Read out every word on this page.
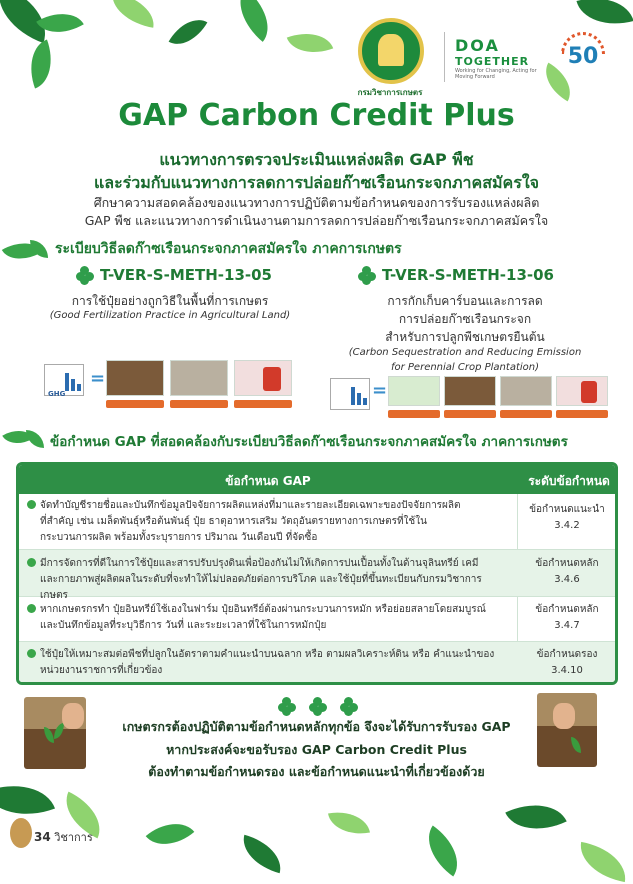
กรมวิชาการเกษตร
DOA
TOGETHER
Working for Changing, Acting for Moving Forward
50
GAP Carbon Credit Plus
แนวทางการตรวจประเมินแหล่งผลิต GAP พืช
และร่วมกับแนวทางการลดการปล่อยก๊าซเรือนกระจกภาคสมัครใจ
ศึกษาความสอดคล้องของแนวทางการปฏิบัติตามข้อกำหนดของการรับรองแหล่งผลิต
GAP พืช และแนวทางการดำเนินงานตามการลดการปล่อยก๊าซเรือนกระจกภาคสมัครใจ
ระเบียบวิธีลดก๊าซเรือนกระจกภาคสมัครใจ ภาคการเกษตร
T-VER-S-METH-13-05
การใช้ปุ๋ยอย่างถูกวิธีในพื้นที่การเกษตร
(Good Fertilization Practice in Agricultural Land)
T-VER-S-METH-13-06
การกักเก็บคาร์บอนและการลด
การปล่อยก๊าซเรือนกระจก
สำหรับการปลูกพืชเกษตรยืนต้น
(Carbon Sequestration and Reducing Emission
for Perennial Crop Plantation)
GHG
=
=
ข้อกำหนด GAP ที่สอดคล้องกับระเบียบวิธีลดก๊าซเรือนกระจกภาคสมัครใจ ภาคการเกษตร
ข้อกำหนด GAP	ระดับข้อกำหนด
จัดทำบัญชีรายชื่อและบันทึกข้อมูลปัจจัยการผลิตแหล่งที่มาและรายละเอียดเฉพาะของปัจจัยการผลิต
ที่สำคัญ เช่น เมล็ดพันธุ์หรือต้นพันธุ์ ปุ๋ย ธาตุอาหารเสริม วัตถุอันตรายทางการเกษตรที่ใช้ใน
กระบวนการผลิต พร้อมทั้งระบุรายการ ปริมาณ วันเดือนปี ที่จัดซื้อ
ข้อกำหนดแนะนำ
3.4.2
มีการจัดการที่ดีในการใช้ปุ๋ยและสารปรับปรุงดินเพื่อป้องกันไม่ให้เกิดการปนเปื้อนทั้งในด้านจุลินทรีย์ เคมี
และกายภาพสู่ผลิตผลในระดับที่จะทำให้ไม่ปลอดภัยต่อการบริโภค และใช้ปุ๋ยที่ขึ้นทะเบียนกับกรมวิชาการเกษตร
ข้อกำหนดหลัก
3.4.6
หากเกษตรกรทำ ปุ๋ยอินทรีย์ใช้เองในฟาร์ม ปุ๋ยอินทรีย์ต้องผ่านกระบวนการหมัก หรือย่อยสลายโดยสมบูรณ์
และบันทึกข้อมูลที่ระบุวิธีการ วันที่ และระยะเวลาที่ใช้ในการหมักปุ๋ย
ข้อกำหนดหลัก
3.4.7
ใช้ปุ๋ยให้เหมาะสมต่อพืชที่ปลูกในอัตราตามคำแนะนำบนฉลาก หรือ ตามผลวิเคราะห์ดิน หรือ คำแนะนำของ
หน่วยงานราชการที่เกี่ยวข้อง
ข้อกำหนดรอง
3.4.10
เกษตรกรต้องปฏิบัติตามข้อกำหนดหลักทุกข้อ จึงจะได้รับการรับรอง GAP
หากประสงค์จะขอรับรอง GAP Carbon Credit Plus
ต้องทำตามข้อกำหนดรอง และข้อกำหนดแนะนำที่เกี่ยวข้องด้วย
34 วิชาการ
